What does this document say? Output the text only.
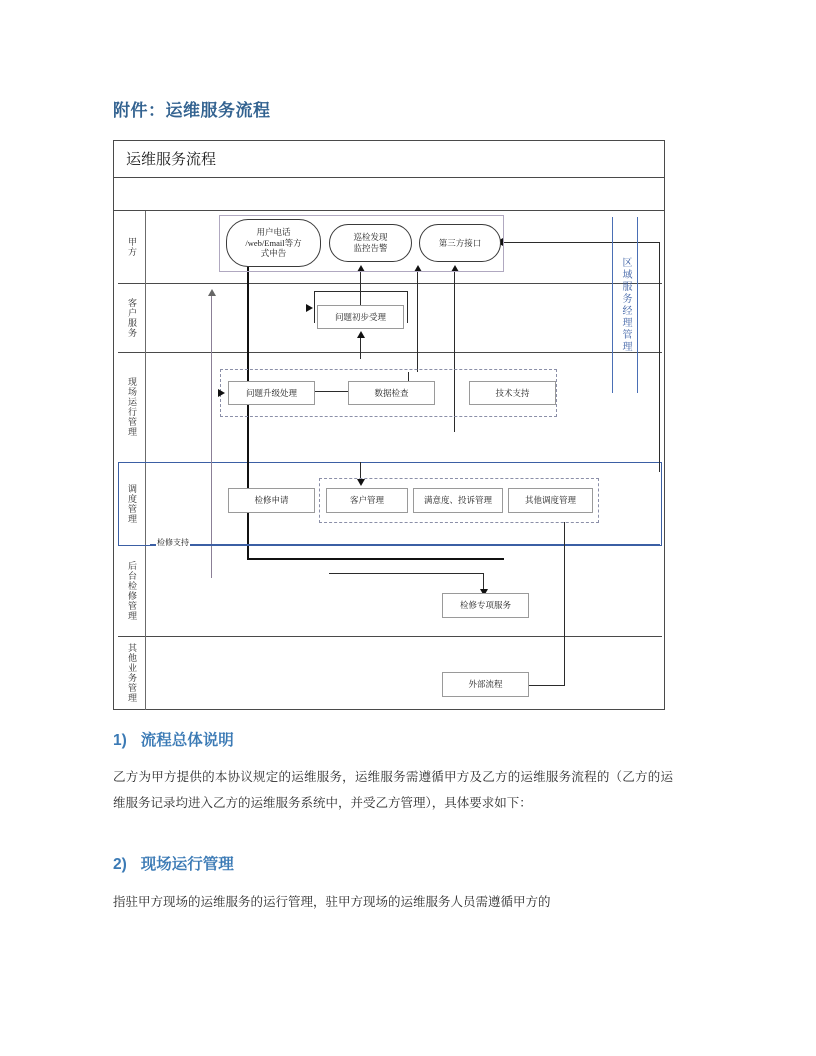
附件：运维服务流程
运维服务流程
甲方
客户服务
现场运行管理
调度管理
后台检修管理
其他业务管理
检修支持
用户电话
/web/Email等方
式申告
巡检发现
监控告警
第三方接口
问题初步受理
问题升级处理	数据检查	技术支持
检修申请	客户管理	满意度、投诉管理	其他调度管理
检修专项服务
外部流程
区域服务经理管理
1) 流程总体说明
乙方为甲方提供的本协议规定的运维服务，运维服务需遵循甲方及乙方的运维服务流程的（乙方的运维服务记录均进入乙方的运维服务系统中，并受乙方管理），具体要求如下：
2) 现场运行管理
指驻甲方现场的运维服务的运行管理，驻甲方现场的运维服务人员需遵循甲方的
